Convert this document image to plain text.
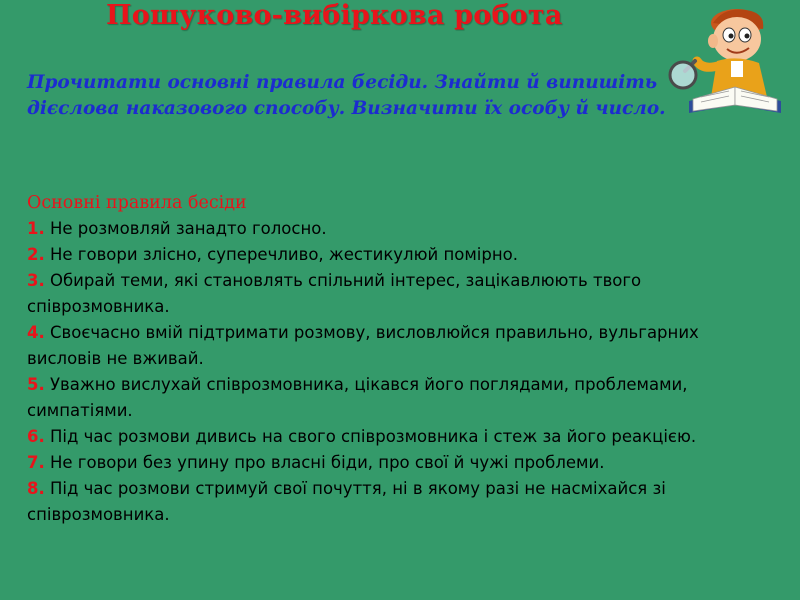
Пошуково-вибіркова робота
Прочитати основні правила бесіди. Знайти й випишіть дієслова наказового способу. Визначити їх особу й число.
Основні правила бесіди
1. Не розмовляй занадто голосно.
2. Не говори злісно, суперечливо, жестикулюй помірно.
3. Обирай теми, які становлять спільний інтерес, зацікавлюють твого співрозмовника.
4. Своєчасно вмій підтримати розмову, висловлюйся правильно, вульгарних висловів не вживай.
5. Уважно вислухай співрозмовника, цікався його поглядами, проблемами, симпатіями.
6. Під час розмови дивись на свого співрозмовника і стеж за його реакцією.
7. Не говори без упину про власні біди, про свої й чужі проблеми.
8. Під час розмови стримуй свої почуття, ні в якому разі не насміхайся зі співрозмовника.
